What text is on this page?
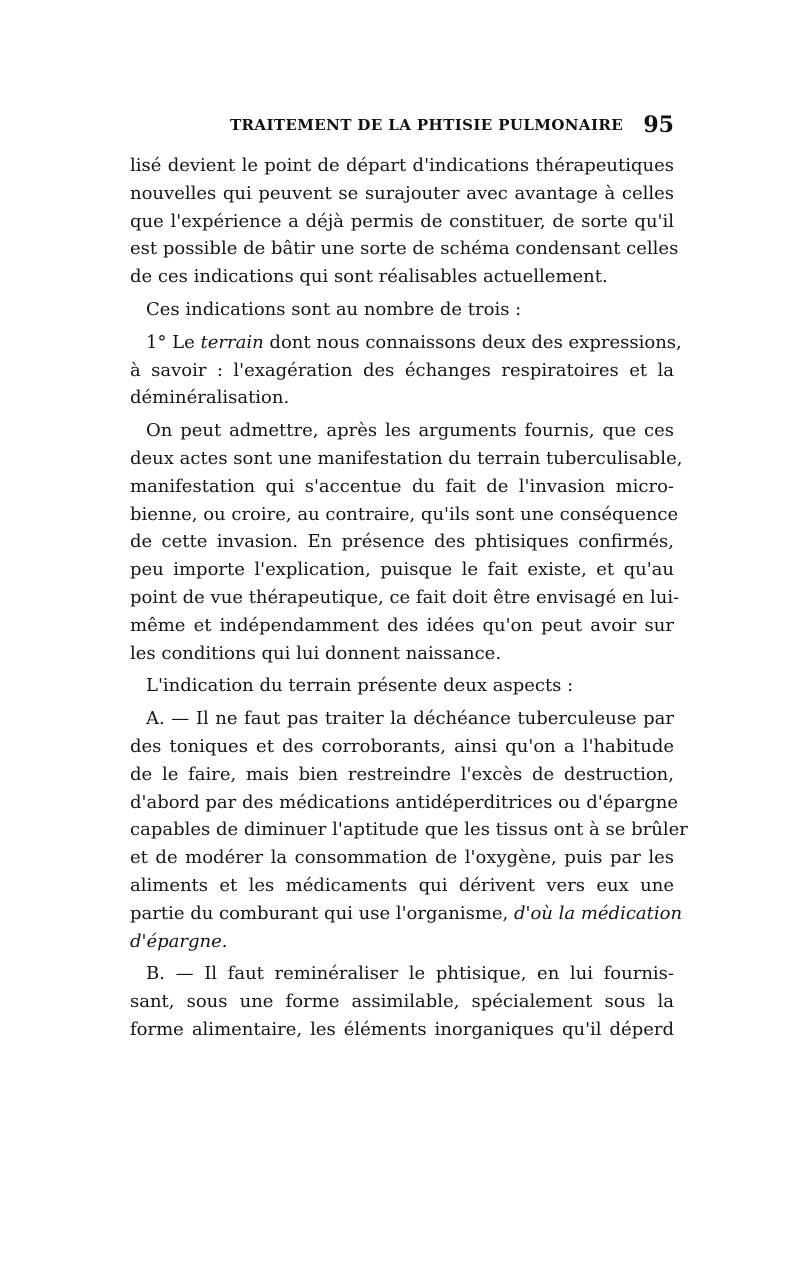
TRAITEMENT DE LA PHTISIE PULMONAIRE 95

lisé devient le point de départ d'indications thérapeutiques

nouvelles qui peuvent se surajouter avec avantage à celles

que l'expérience a déjà permis de constituer, de sorte qu'il

est possible de bâtir une sorte de schéma condensant celles

de ces indications qui sont réalisables actuellement.

Ces indications sont au nombre de trois :

1° Le terrain dont nous connaissons deux des expressions,

à savoir : l'exagération des échanges respiratoires et la

déminéralisation.

On peut admettre, après les arguments fournis, que ces

deux actes sont une manifestation du terrain tuberculisable,

manifestation qui s'accentue du fait de l'invasion micro-

bienne, ou croire, au contraire, qu'ils sont une conséquence

de cette invasion. En présence des phtisiques confirmés,

peu importe l'explication, puisque le fait existe, et qu'au

point de vue thérapeutique, ce fait doit être envisagé en lui-

même et indépendamment des idées qu'on peut avoir sur

les conditions qui lui donnent naissance.

L'indication du terrain présente deux aspects :

A. — Il ne faut pas traiter la déchéance tuberculeuse par

des toniques et des corroborants, ainsi qu'on a l'habitude

de le faire, mais bien restreindre l'excès de destruction,

d'abord par des médications antidéperditrices ou d'épargne

capables de diminuer l'aptitude que les tissus ont à se brûler

et de modérer la consommation de l'oxygène, puis par les

aliments et les médicaments qui dérivent vers eux une

partie du comburant qui use l'organisme, d'où la médication

d'épargne.

B. — Il faut reminéraliser le phtisique, en lui fournis-

sant, sous une forme assimilable, spécialement sous la

forme alimentaire, les éléments inorganiques qu'il déperd
